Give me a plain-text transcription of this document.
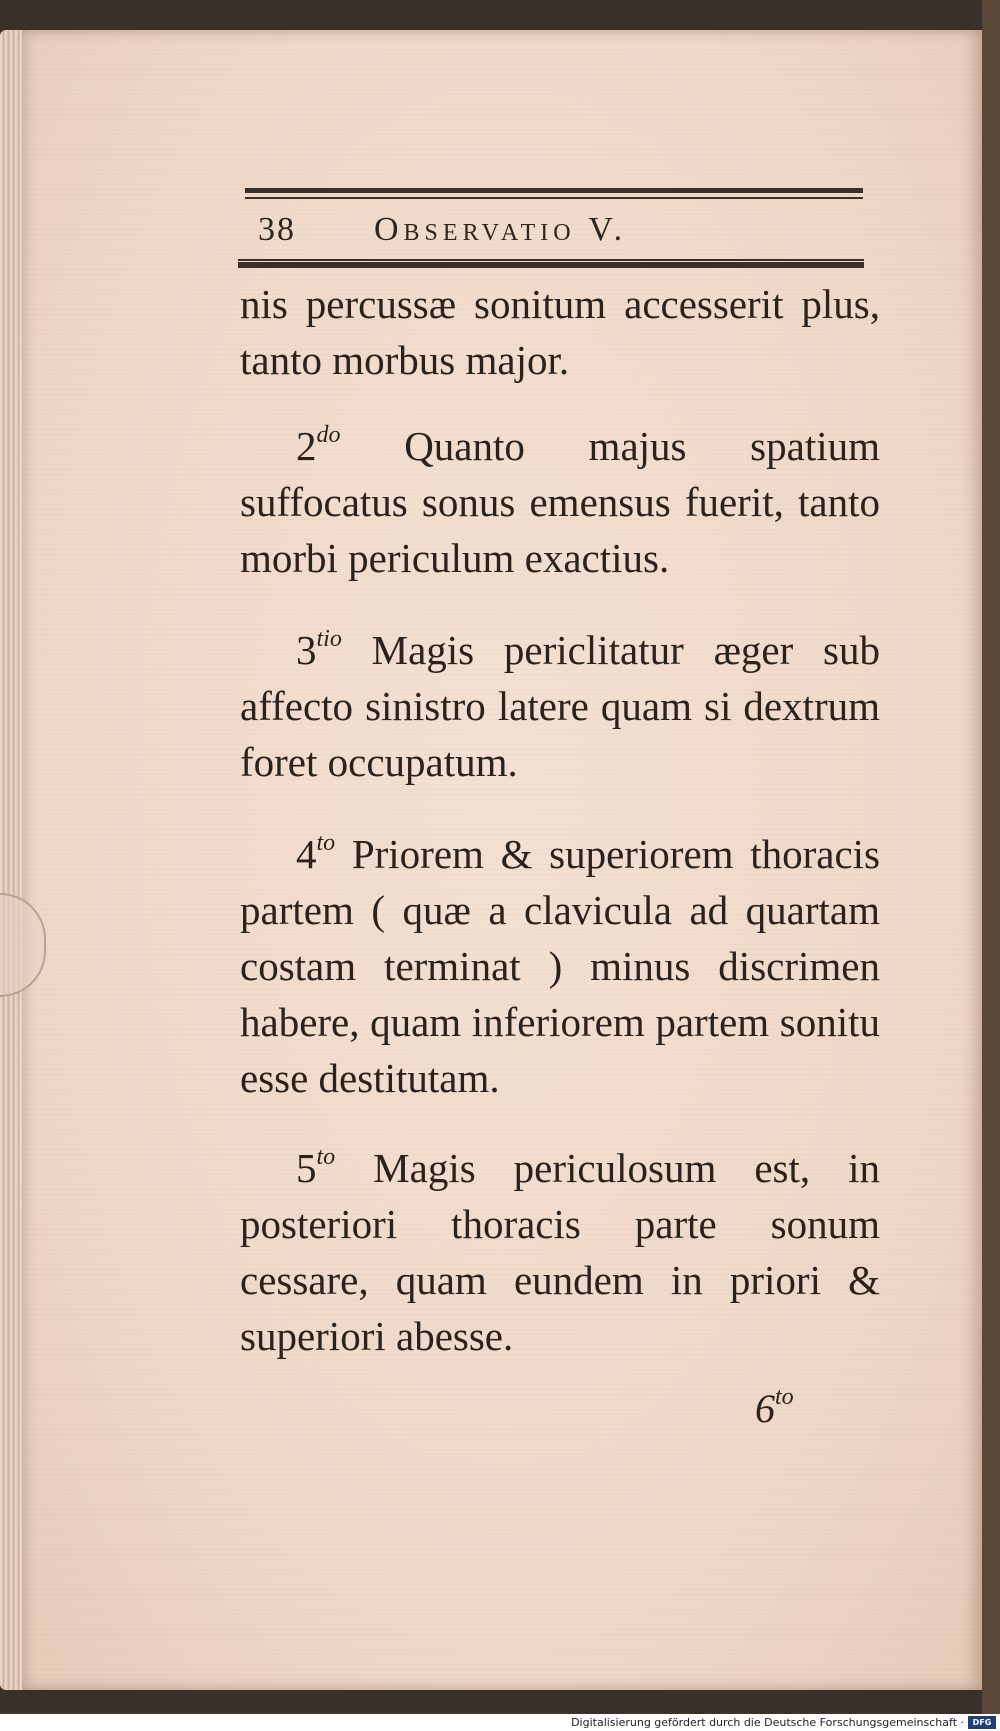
38 Observatio V.

nis percussæ sonitum accesserit plus, tanto morbus major.

$2^{do}$ Quanto majus spatium suffocatus sonus emensus fuerit, tanto morbi periculum exactius.

$3^{tio}$ Magis periclitatur æger sub affecto sinistro latere quam si dextrum foret occupatum.

$4^{to}$ Priorem & superiorem thoracis partem ( quæ a clavicula ad quartam costam terminat ) minus discrimen habere, quam inferiorem partem sonitu esse destitutam.

$5^{to}$ Magis periculosum est, in posteriori thoracis parte sonum cessare, quam eundem in priori & superiori abesse.

$6^{to}$
Digitalisierung gefördert durch die Deutsche Forschungsgemeinschaft ·	DFG
